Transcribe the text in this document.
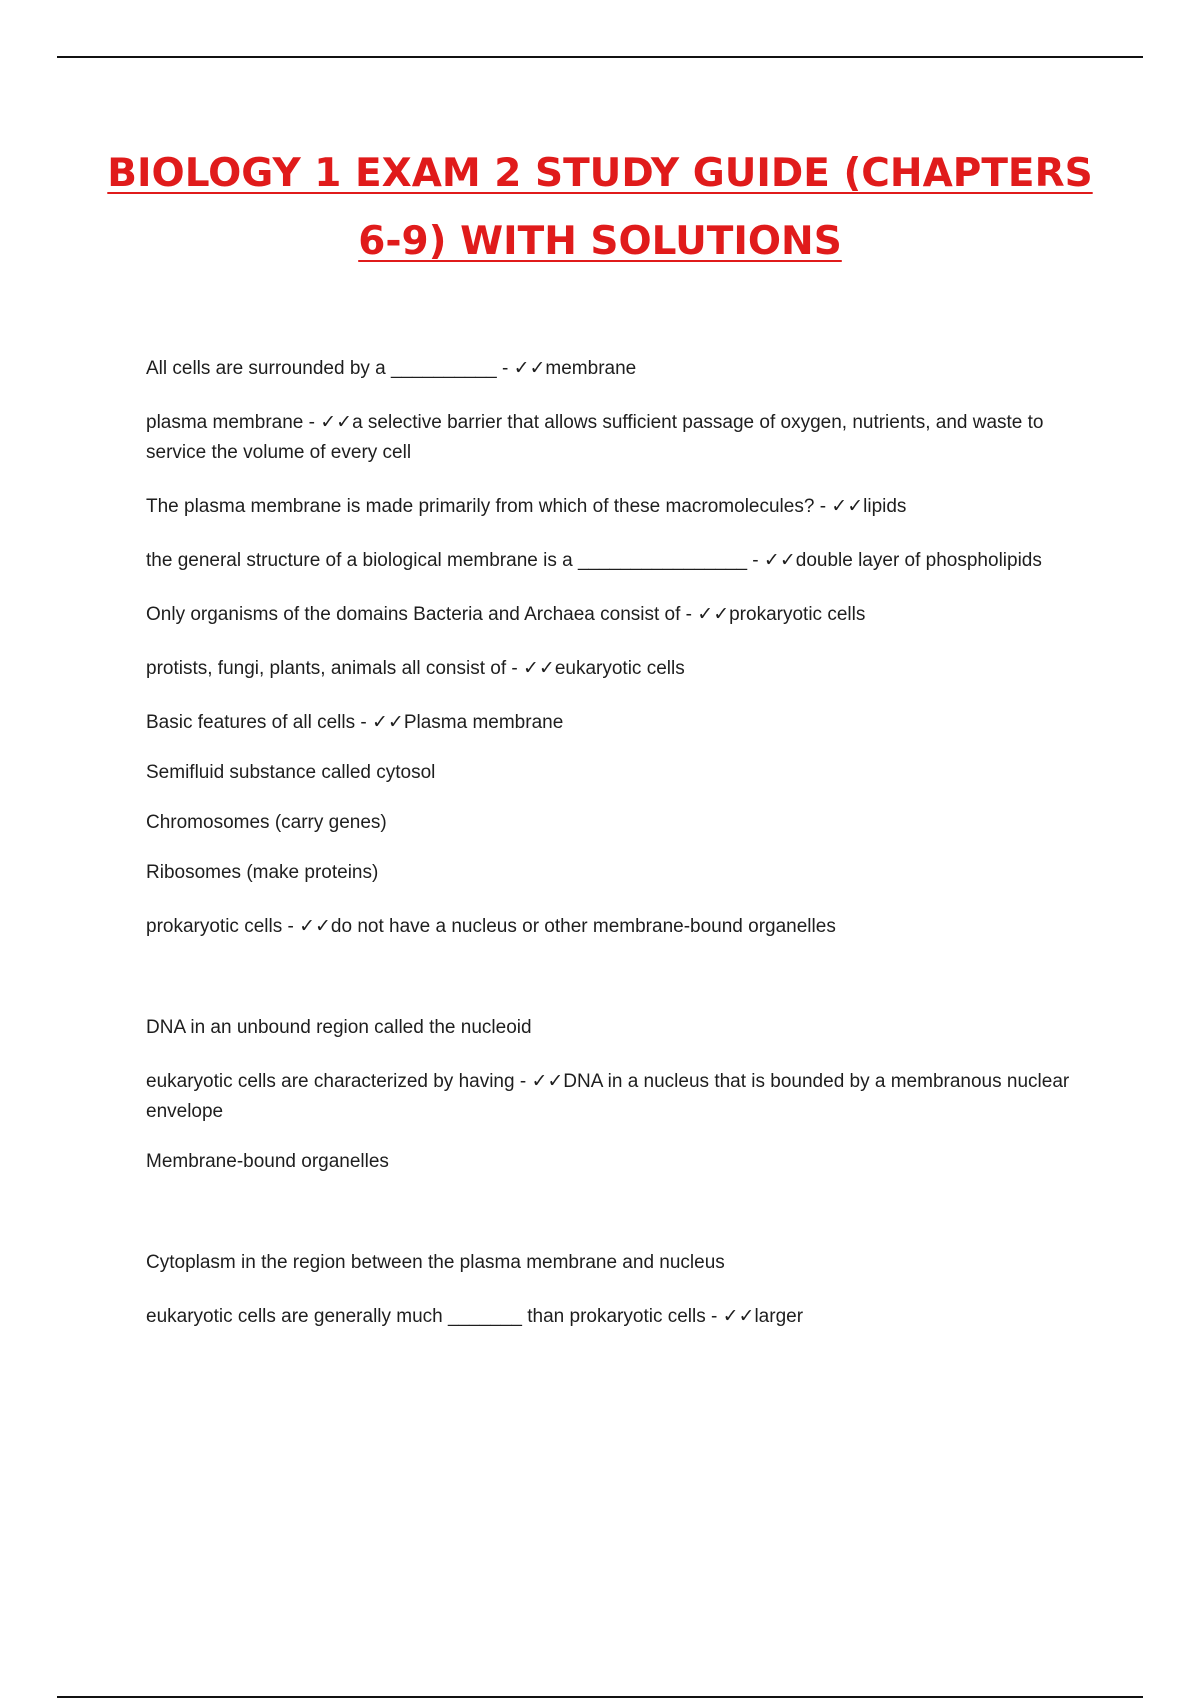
BIOLOGY 1 EXAM 2 STUDY GUIDE (CHAPTERS
6-9) WITH SOLUTIONS

All cells are surrounded by a __________ - ✓✓membrane

plasma membrane - ✓✓a selective barrier that allows sufficient passage of oxygen, nutrients, and waste to service the volume of every cell

The plasma membrane is made primarily from which of these macromolecules? - ✓✓lipids

the general structure of a biological membrane is a ________________ - ✓✓double layer of phospholipids

Only organisms of the domains Bacteria and Archaea consist of - ✓✓prokaryotic cells

protists, fungi, plants, animals all consist of - ✓✓eukaryotic cells

Basic features of all cells - ✓✓Plasma membrane

Semifluid substance called cytosol

Chromosomes (carry genes)

Ribosomes (make proteins)

prokaryotic cells - ✓✓do not have a nucleus or other membrane-bound organelles

DNA in an unbound region called the nucleoid

eukaryotic cells are characterized by having - ✓✓DNA in a nucleus that is bounded by a membranous nuclear envelope

Membrane-bound organelles

Cytoplasm in the region between the plasma membrane and nucleus

eukaryotic cells are generally much _______ than prokaryotic cells - ✓✓larger
